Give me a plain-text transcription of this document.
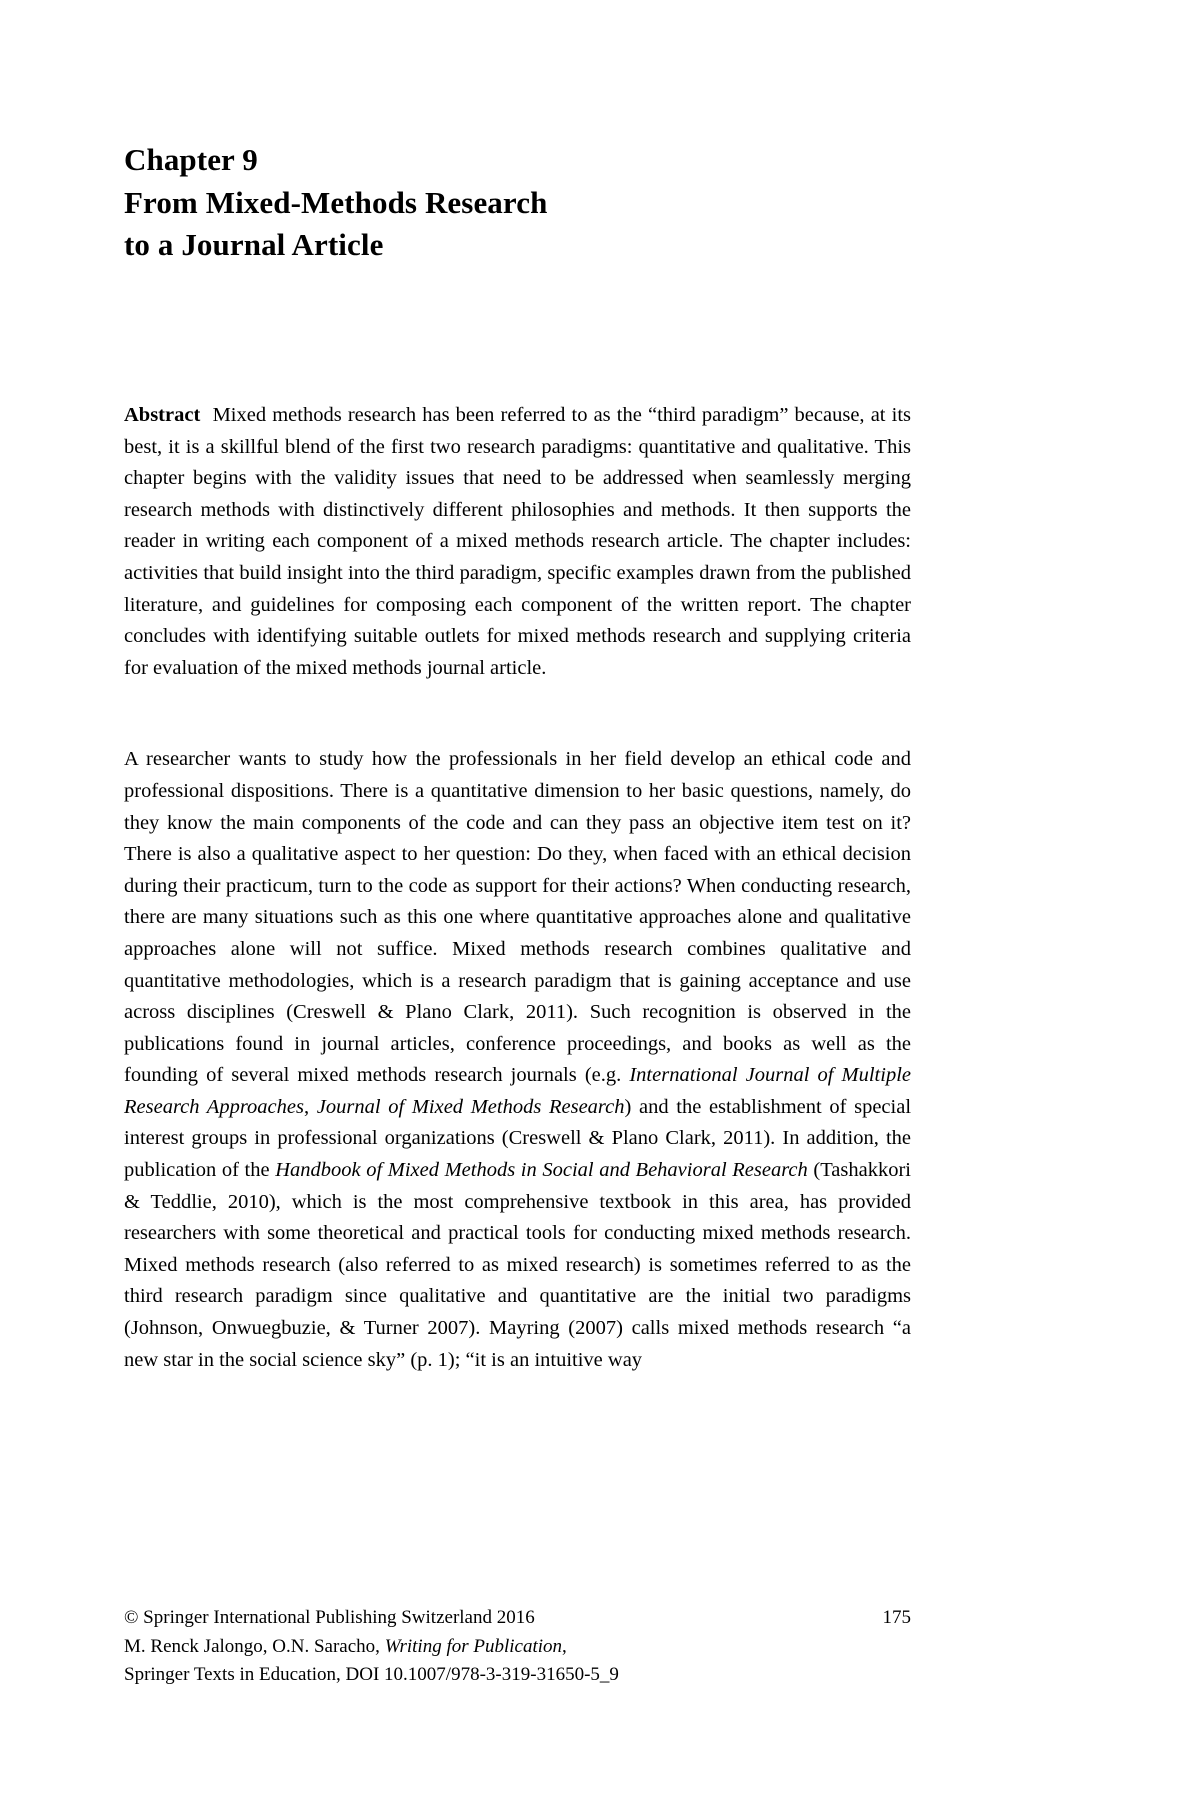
Chapter 9
From Mixed-Methods Research
to a Journal Article

Abstract Mixed methods research has been referred to as the “third paradigm” because, at its best, it is a skillful blend of the first two research paradigms: quantitative and qualitative. This chapter begins with the validity issues that need to be addressed when seamlessly merging research methods with distinctively different philosophies and methods. It then supports the reader in writing each component of a mixed methods research article. The chapter includes: activities that build insight into the third paradigm, specific examples drawn from the published literature, and guidelines for composing each component of the written report. The chapter concludes with identifying suitable outlets for mixed methods research and supplying criteria for evaluation of the mixed methods journal article.

A researcher wants to study how the professionals in her field develop an ethical code and professional dispositions. There is a quantitative dimension to her basic questions, namely, do they know the main components of the code and can they pass an objective item test on it? There is also a qualitative aspect to her question: Do they, when faced with an ethical decision during their practicum, turn to the code as support for their actions? When conducting research, there are many situations such as this one where quantitative approaches alone and qualitative approaches alone will not suffice. Mixed methods research combines qualitative and quantitative methodologies, which is a research paradigm that is gaining acceptance and use across disciplines (Creswell & Plano Clark, 2011). Such recognition is observed in the publications found in journal articles, conference proceedings, and books as well as the founding of several mixed methods research journals (e.g. International Journal of Multiple Research Approaches, Journal of Mixed Methods Research) and the establishment of special interest groups in professional organizations (Creswell & Plano Clark, 2011). In addition, the publication of the Handbook of Mixed Methods in Social and Behavioral Research (Tashakkori & Teddlie, 2010), which is the most comprehensive textbook in this area, has provided researchers with some theoretical and practical tools for conducting mixed methods research. Mixed methods research (also referred to as mixed research) is sometimes referred to as the third research paradigm since qualitative and quantitative are the initial two paradigms (Johnson, Onwuegbuzie, & Turner 2007). Mayring (2007) calls mixed methods research “a new star in the social science sky” (p. 1); “it is an intuitive way

© Springer International Publishing Switzerland 2016	175
M. Renck Jalongo, O.N. Saracho, Writing for Publication,
Springer Texts in Education, DOI 10.1007/978-3-319-31650-5_9
